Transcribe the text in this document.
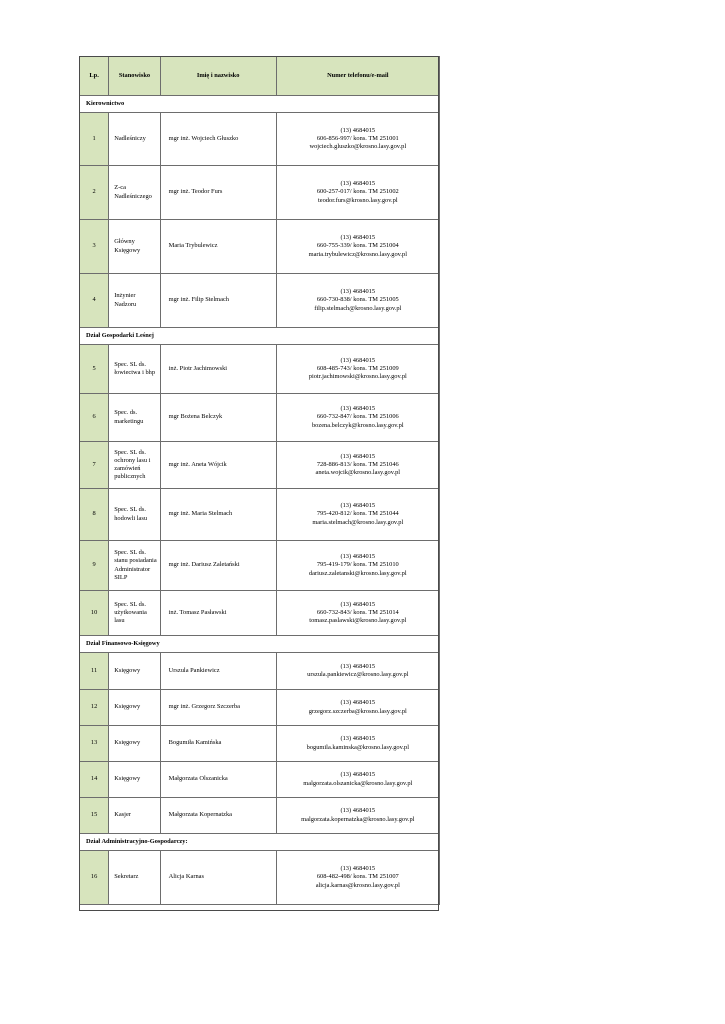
Lp.	Stanowisko	Imię i nazwisko	Numer telefonu/e-mail
Kierownictwo			
1	Nadleśniczy	mgr inż. Wojciech Głuszko	(13) 4684015
606-856-997/ kons. TM 251001
wojciech.gluszko@krosno.lasy.gov.pl

2	Z-ca Nadleśniczego	mgr inż. Teodor Furs	(13) 4684015
600-257-017/ kons. TM 251002
teodor.furs@krosno.lasy.gov.pl

3	Główny Księgowy	Maria Trybulewicz	(13) 4684015
660-755-339/ kons. TM 251004
maria.trybulewicz@krosno.lasy.gov.pl

4	Inżynier Nadzoru	mgr inż. Filip Stelmach	(13) 4684015
660-730-838/ kons. TM 251005
filip.stelmach@krosno.lasy.gov.pl

Dział Gospodarki Leśnej			
5	Spec. SL ds. łowiectwa i bhp	inż. Piotr Jachimowski	(13) 4684015
608-485-743/ kons. TM 251009
piotr.jachimowski@krosno.lasy.gov.pl

6	Spec. ds. marketingu	mgr Bożena Belczyk	(13) 4684015
660-732-847/ kons. TM 251006
bozena.belczyk@krosno.lasy.gov.pl

7	Spec. SL ds. ochrony lasu i zamówień publicznych	mgr inż. Aneta Wójcik	(13) 4684015
728-886-813/ kons. TM 251046
aneta.wojcik@krosno.lasy.gov.pl

8	Spec. SL ds. hodowli lasu	mgr inż. Maria Stelmach	(13) 4684015
795-420-812/ kons. TM 251044
maria.stelmach@krosno.lasy.gov.pl

9	Spec. SL ds. stanu posiadania Administrator SILP	mgr inż. Dariusz Zaletański	(13) 4684015
795-419-179/ kons. TM 251010
dariusz.zaletanski@krosno.lasy.gov.pl

10	Spec. SL ds. użytkowania lasu	inż. Tomasz Pasławski	(13) 4684015
660-732-843/ kons. TM 251014
tomasz.paslawski@krosno.lasy.gov.pl

Dział Finansowo-Księgowy			
11	Księgowy	Urszula Pankiewicz	(13) 4684015
urszula.pankiewicz@krosno.lasy.gov.pl

12	Księgowy	mgr inż. Grzegorz Szczerba	(13) 4684015
grzegorz.szczerba@krosno.lasy.gov.pl

13	Księgowy	Bogumiła Kamińska	(13) 4684015
bogumila.kaminska@krosno.lasy.gov.pl

14	Księgowy	Małgorzata Olszanicka	(13) 4684015
malgorzata.olszanicka@krosno.lasy.gov.pl

15	Kasjer	Małgorzata Kopernatzka	(13) 4684015
malgorzata.kopernatzka@krosno.lasy.gov.pl

Dział Administracyjno-Gospodarczy:			
16	Sekretarz	Alicja Karnas	(13) 4684015
608-482-498/ kons. TM 251007
alicja.karnas@krosno.lasy.gov.pl
